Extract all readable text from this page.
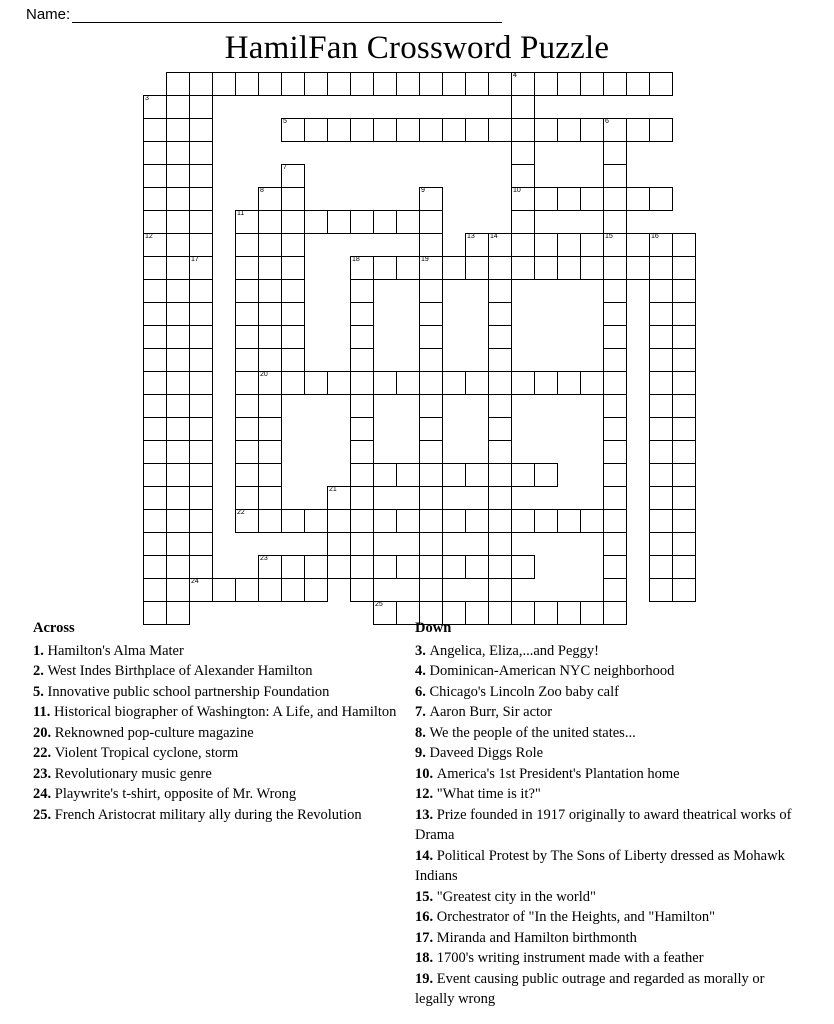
Name:
HamilFan Crossword Puzzle
4
3
5	6
7
8	9	10
11
12	13 14	15	16
17	18	19
20
21
22
23
24
25
Across

1. Hamilton's Alma Mater

2. West Indes Birthplace of Alexander Hamilton

5. Innovative public school partnership Foundation

11. Historical biographer of Washington: A Life, and Hamilton

20. Reknowned pop-culture magazine

22. Violent Tropical cyclone, storm

23. Revolutionary music genre

24. Playwrite's t-shirt, opposite of Mr. Wrong

25. French Aristocrat military ally during the Revolution

Down

3. Angelica, Eliza,...and Peggy!

4. Dominican-American NYC neighborhood

6. Chicago's Lincoln Zoo baby calf

7. Aaron Burr, Sir actor

8. We the people of the united states...

9. Daveed Diggs Role

10. America's 1st President's Plantation home

12. "What time is it?"

13. Prize founded in 1917 originally to award theatrical works of Drama

14. Political Protest by The Sons of Liberty dressed as Mohawk Indians

15. "Greatest city in the world"

16. Orchestrator of "In the Heights, and "Hamilton"

17. Miranda and Hamilton birthmonth

18. 1700's writing instrument made with a feather

19. Event causing public outrage and regarded as morally or legally wrong
